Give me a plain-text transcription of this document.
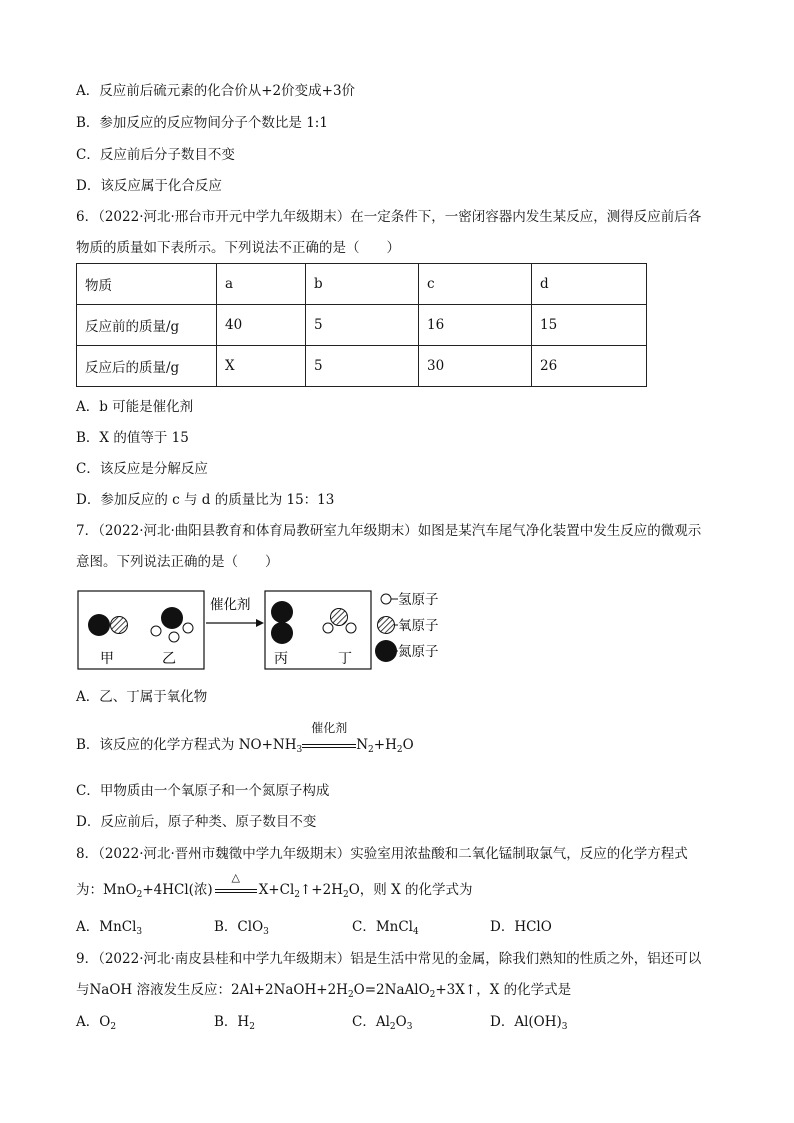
A．反应前后硫元素的化合价从+2价变成+3价
B．参加反应的反应物间分子个数比是 1:1
C．反应前后分子数目不变
D．该反应属于化合反应
6．（2022·河北·邢台市开元中学九年级期末）在一定条件下，一密闭容器内发生某反应，测得反应前后各
物质的质量如下表所示。下列说法不正确的是（　　）
物质	a	b	c	d
反应前的质量/g	40	5	16	15
反应后的质量/g	X	5	30	26
A．b 可能是催化剂
B．X 的值等于 15
C．该反应是分解反应
D．参加反应的 c 与 d 的质量比为 15：13
7．（2022·河北·曲阳县教育和体育局教研室九年级期末）如图是某汽车尾气净化装置中发生反应的微观示
意图。下列说法正确的是（　　）
甲	乙
催化剂
丙	丁
氢原子
氧原子
氮原子
A．乙、丁属于氧化物
B．该反应的化学方程式为 $NO+NH_3$
催化剂
$N_2+H_2O$
C．甲物质由一个氧原子和一个氮原子构成
D．反应前后，原子种类、原子数目不变
8．（2022·河北·晋州市魏徵中学九年级期末）实验室用浓盐酸和二氧化锰制取氯气，反应的化学方程式
为：MnO$_2$+4HCl(浓)
△
$X+Cl_2↑+2H_2O$，则 X 的化学式为
A．MnCl$_3$	B．ClO$_3$	C．MnCl$_4$	D．HClO
9．（2022·河北·南皮县桂和中学九年级期末）铝是生活中常见的金属，除我们熟知的性质之外，铝还可以
与NaOH 溶液发生反应：$2Al+2NaOH+2H_2O=2NaAlO_2+3X↑$，X 的化学式是
A．$O_2$	B．$H_2$	C．$Al_2O_3$	D．$Al(OH)_3$
